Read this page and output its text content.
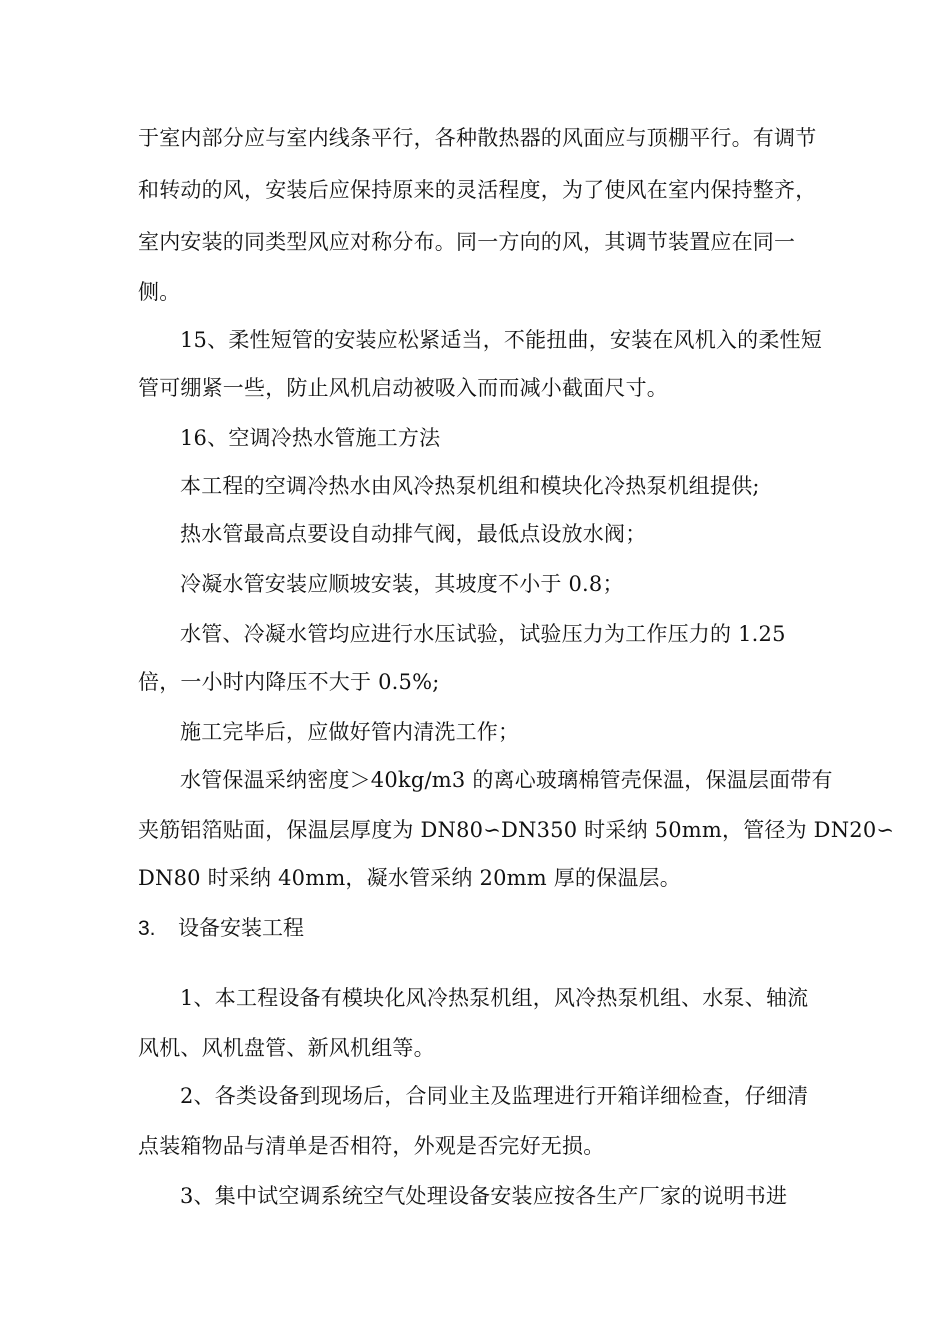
于室内部分应与室内线条平行，各种散热器的风面应与顶棚平行。有调节
和转动的风，安装后应保持原来的灵活程度，为了使风在室内保持整齐，
室内安装的同类型风应对称分布。同一方向的风，其调节装置应在同一
侧。
15、柔性短管的安装应松紧适当，不能扭曲，安装在风机入的柔性短
管可绷紧一些，防止风机启动被吸入而而减小截面尺寸。
16、空调冷热水管施工方法
本工程的空调冷热水由风冷热泵机组和模块化冷热泵机组提供;
热水管最高点要设自动排气阀，最低点设放水阀；
冷凝水管安装应顺坡安装，其坡度不小于 0.8；
水管、冷凝水管均应进行水压试验，试验压力为工作压力的 1.25
倍，一小时内降压不大于 0.5%;
施工完毕后，应做好管内清洗工作；
水管保温采纳密度＞40kg/m3 的离心玻璃棉管壳保温，保温层面带有
夹筋铝箔贴面，保温层厚度为 DN80∽DN350 时采纳 50mm，管径为 DN20∽
DN80 时采纳 40mm，凝水管采纳 20mm 厚的保温层。
3. 设备安装工程
1、本工程设备有模块化风冷热泵机组，风冷热泵机组、水泵、轴流
风机、风机盘管、新风机组等。
2、各类设备到现场后，合同业主及监理进行开箱详细检查，仔细清
点装箱物品与清单是否相符，外观是否完好无损。
3、集中试空调系统空气处理设备安装应按各生产厂家的说明书进
